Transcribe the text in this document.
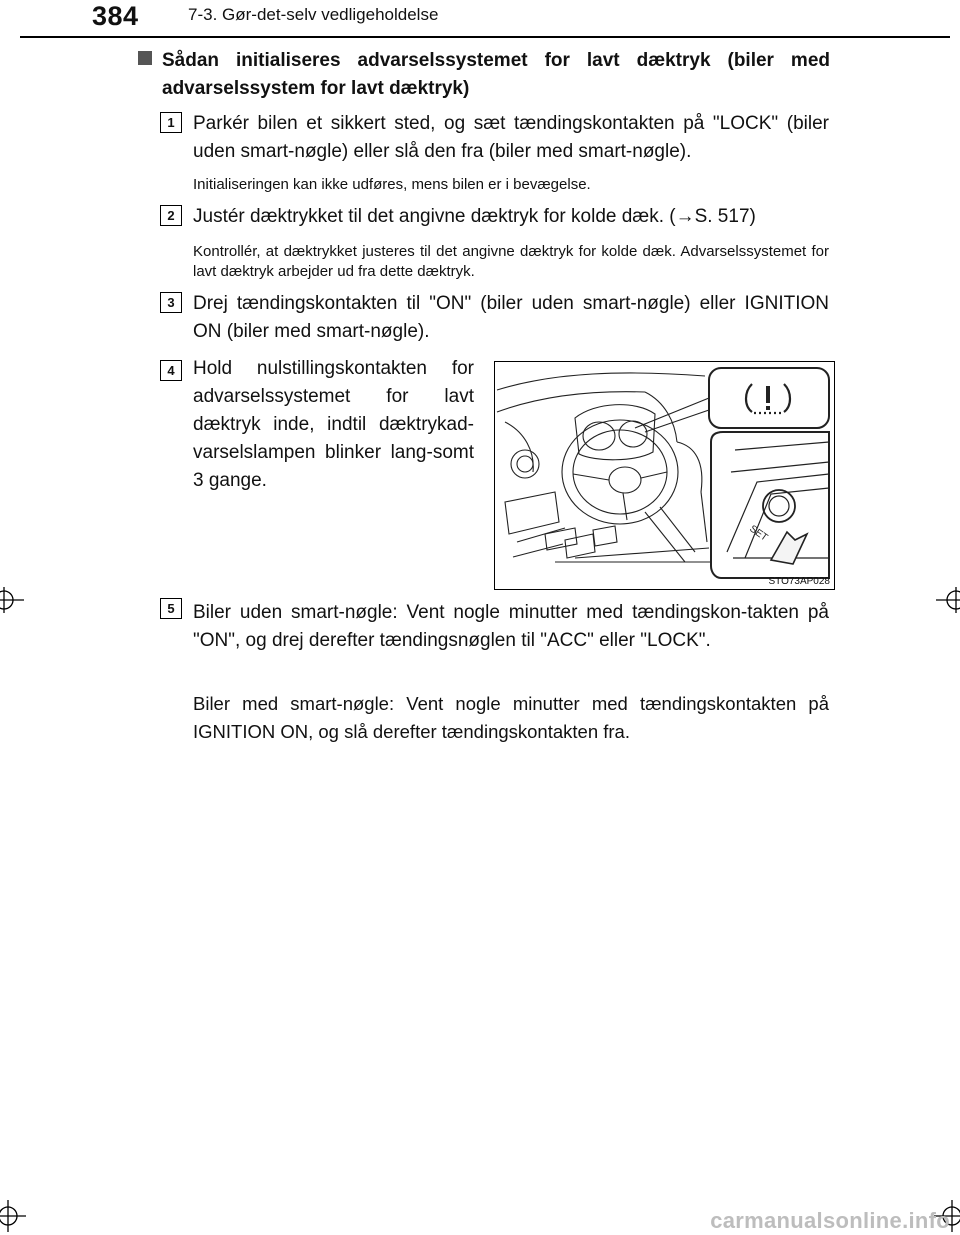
384	7-3. Gør-det-selv vedligeholdelse
Sådan initialiseres advarselssystemet for lavt dæktryk (biler med advarselssystem for lavt dæktryk)
1 Parkér bilen et sikkert sted, og sæt tændingskontakten på "LOCK" (biler uden smart-nøgle) eller slå den fra (biler med smart-nøgle).
Initialiseringen kan ikke udføres, mens bilen er i bevægelse.
2 Justér dæktrykket til det angivne dæktryk for kolde dæk. (→S. 517)
Kontrollér, at dæktrykket justeres til det angivne dæktryk for kolde dæk. Advarselssystemet for lavt dæktryk arbejder ud fra dette dæktryk.
3 Drej tændingskontakten til "ON" (biler uden smart-nøgle) eller IGNITION ON (biler med smart-nøgle).
4 Hold nulstillingskontakten for advarselssystemet for lavt dæktryk inde, indtil dæktrykad-varselslampen blinker lang-somt 3 gange.
SET
STO73AP028
5 Biler uden smart-nøgle: Vent nogle minutter med tændingskon-takten på "ON", og drej derefter tændingsnøglen til "ACC" eller "LOCK".
Biler med smart-nøgle: Vent nogle minutter med tændingskontakten på IGNITION ON, og slå derefter tændingskontakten fra.
carmanualsonline.info
